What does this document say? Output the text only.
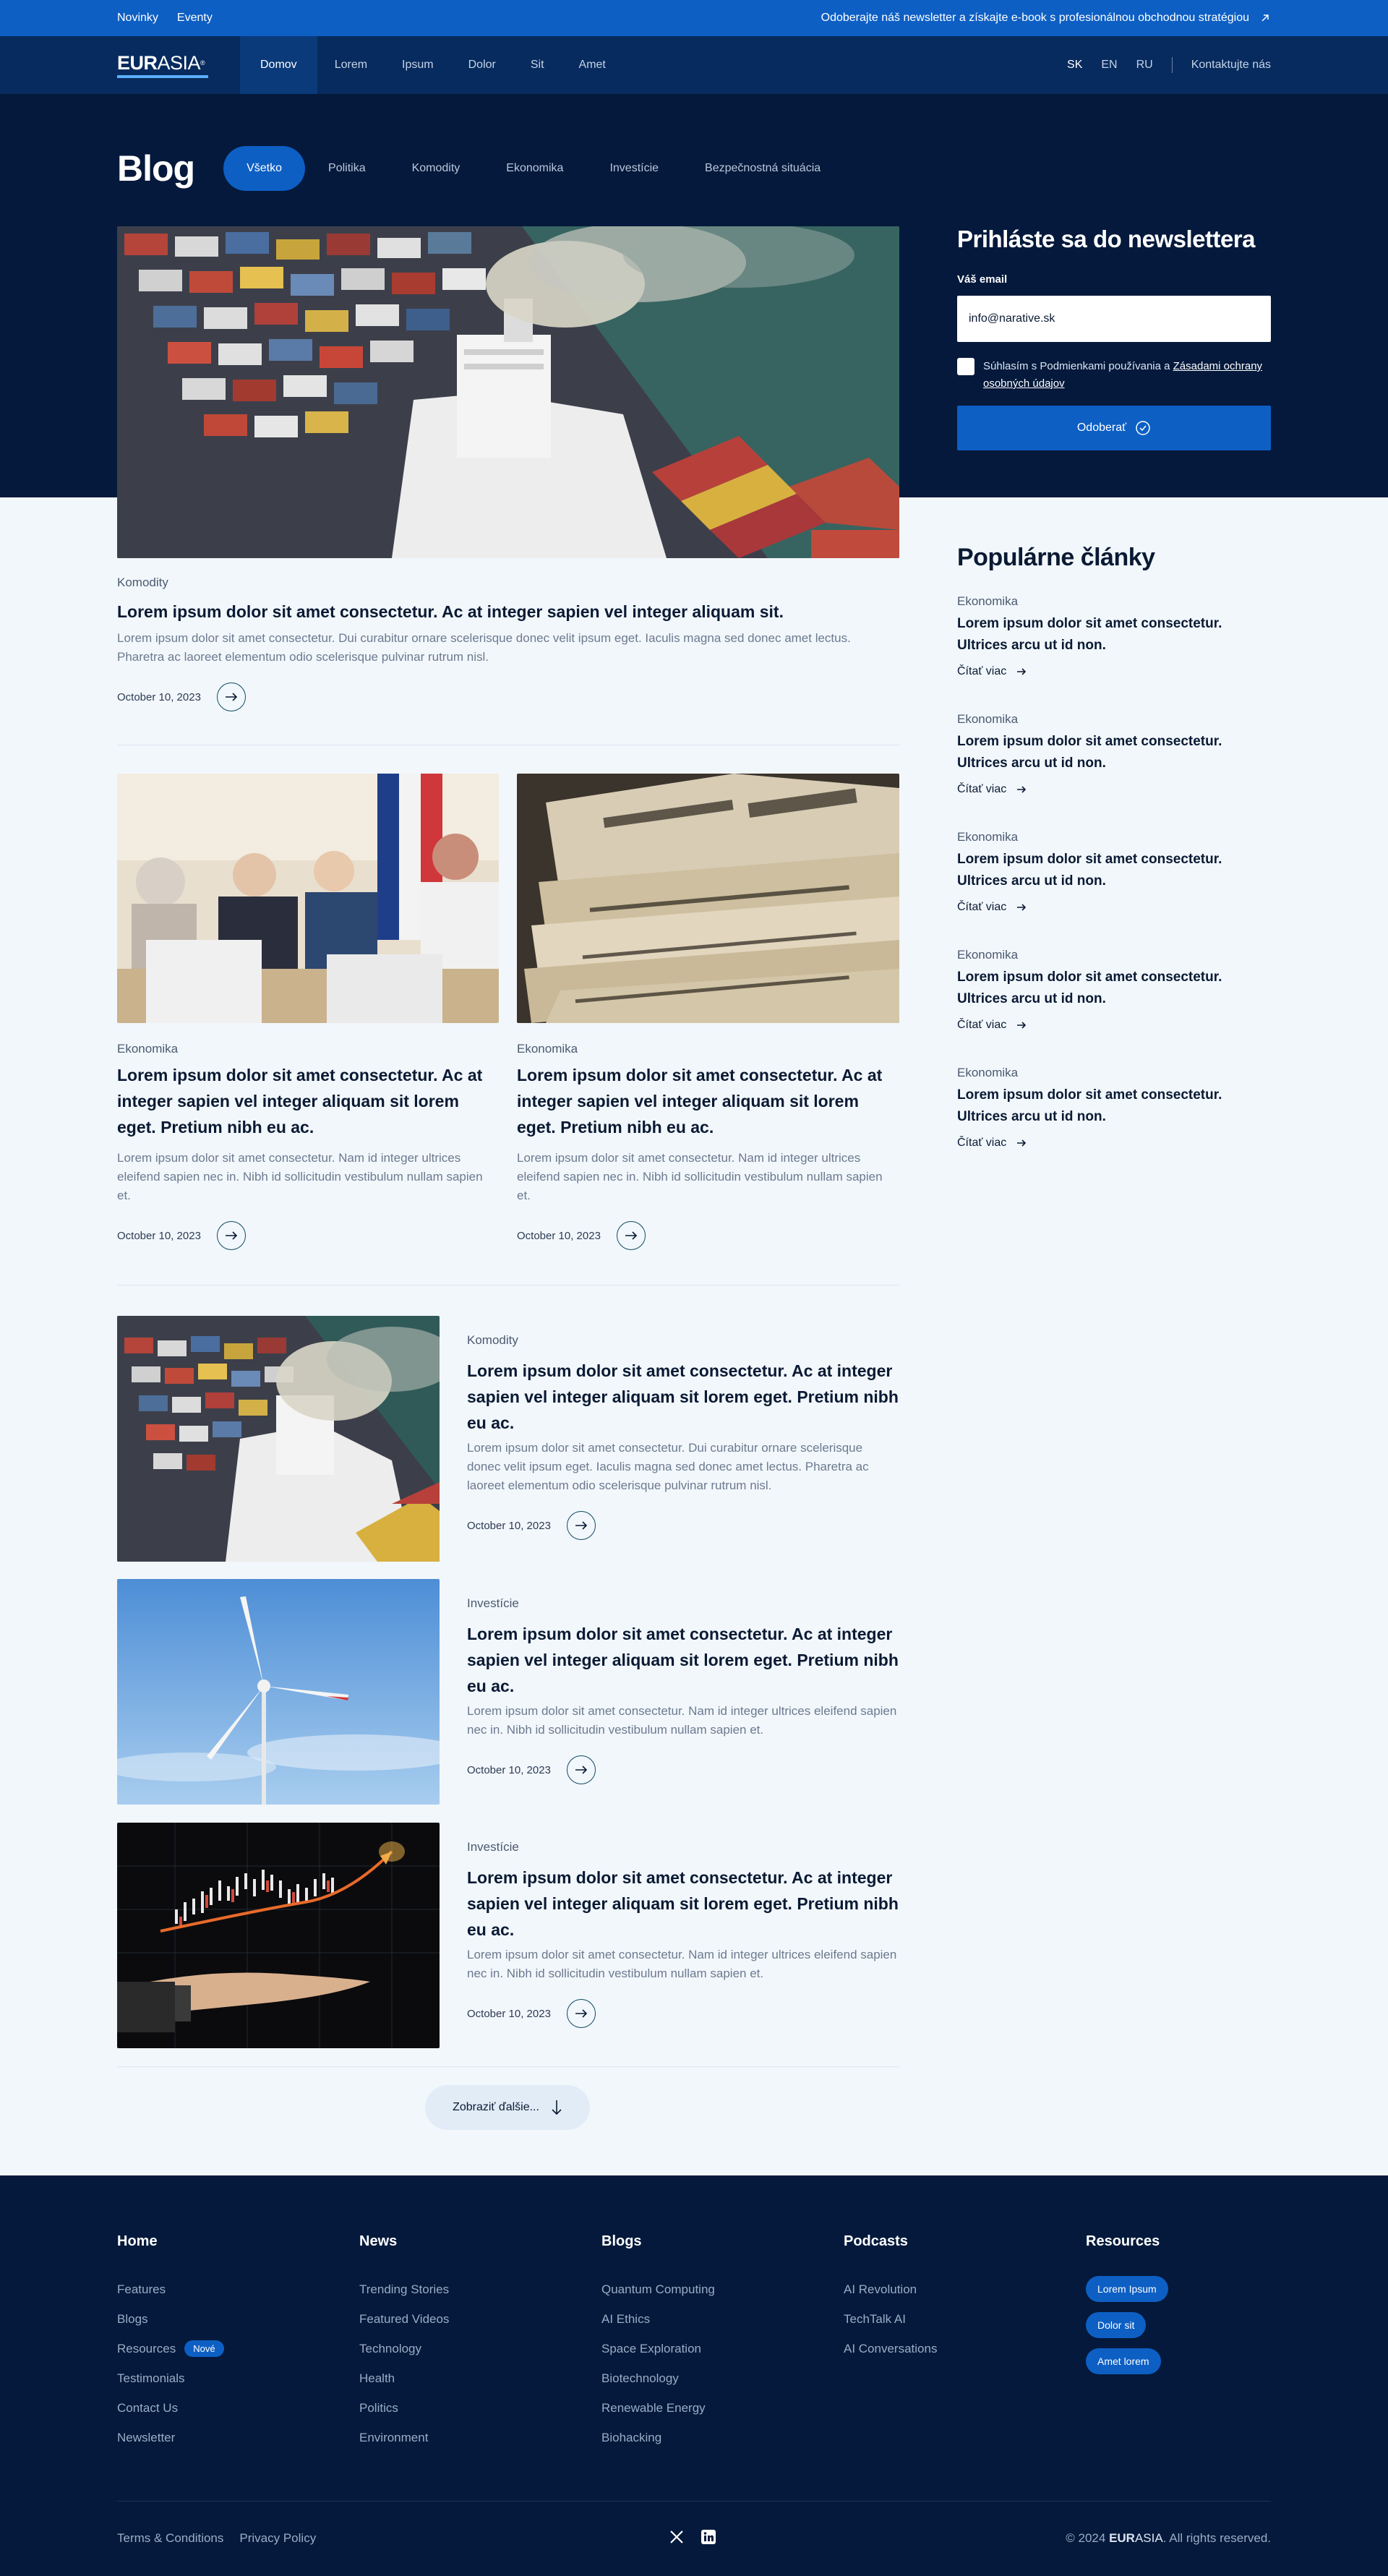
Novinky Eventy	Odoberajte náš newsletter a získajte e-book s profesionálnou obchodnou stratégiou
EURASIA®	Domov	Lorem	Ipsum	Dolor	Sit	Amet	SK EN RU	Kontaktujte nás
Blog	Všetko	Politika	Komodity	Ekonomika	Investície	Bezpečnostná situácia
Komodity
Lorem ipsum dolor sit amet consectetur. Ac at integer sapien vel integer aliquam sit.

Lorem ipsum dolor sit amet consectetur. Dui curabitur ornare scelerisque donec velit ipsum eget. Iaculis magna sed donec amet lectus. Pharetra ac laoreet elementum odio scelerisque pulvinar rutrum nisl.

October 10, 2023
Ekonomika
Lorem ipsum dolor sit amet consectetur. Ac at integer sapien vel integer aliquam sit lorem eget. Pretium nibh eu ac.

Lorem ipsum dolor sit amet consectetur. Nam id integer ultrices eleifend sapien nec in. Nibh id sollicitudin vestibulum nullam sapien et.

October 10, 2023
Ekonomika
Lorem ipsum dolor sit amet consectetur. Ac at integer sapien vel integer aliquam sit lorem eget. Pretium nibh eu ac.

Lorem ipsum dolor sit amet consectetur. Nam id integer ultrices eleifend sapien nec in. Nibh id sollicitudin vestibulum nullam sapien et.

October 10, 2023
Komodity
Lorem ipsum dolor sit amet consectetur. Ac at integer sapien vel integer aliquam sit lorem eget. Pretium nibh eu ac.

Lorem ipsum dolor sit amet consectetur. Dui curabitur ornare scelerisque donec velit ipsum eget. Iaculis magna sed donec amet lectus. Pharetra ac laoreet elementum odio scelerisque pulvinar rutrum nisl.

October 10, 2023
Investície
Lorem ipsum dolor sit amet consectetur. Ac at integer sapien vel integer aliquam sit lorem eget. Pretium nibh eu ac.

Lorem ipsum dolor sit amet consectetur. Nam id integer ultrices eleifend sapien nec in. Nibh id sollicitudin vestibulum nullam sapien et.

October 10, 2023
Investície
Lorem ipsum dolor sit amet consectetur. Ac at integer sapien vel integer aliquam sit lorem eget. Pretium nibh eu ac.

Lorem ipsum dolor sit amet consectetur. Nam id integer ultrices eleifend sapien nec in. Nibh id sollicitudin vestibulum nullam sapien et.

October 10, 2023
Zobraziť ďalšie...
Prihláste sa do newslettera
Váš email
info@narative.sk
Súhlasím s Podmienkami používania a Zásadami ochrany osobných údajov
Odoberať
Populárne články
Ekonomika
Lorem ipsum dolor sit amet consectetur. Ultrices arcu ut id non.
Čítať viac
Ekonomika
Lorem ipsum dolor sit amet consectetur. Ultrices arcu ut id non.
Čítať viac
Ekonomika
Lorem ipsum dolor sit amet consectetur. Ultrices arcu ut id non.
Čítať viac
Ekonomika
Lorem ipsum dolor sit amet consectetur. Ultrices arcu ut id non.
Čítať viac
Ekonomika
Lorem ipsum dolor sit amet consectetur. Ultrices arcu ut id non.
Čítať viac
Home
Features
Blogs
Resources	Nové
Testimonials
Contact Us
Newsletter
News
Trending Stories
Featured Videos
Technology
Health
Politics
Environment
Blogs
Quantum Computing
AI Ethics
Space Exploration
Biotechnology
Renewable Energy
Biohacking
Podcasts
AI Revolution
TechTalk AI
AI Conversations
Resources
Lorem Ipsum
Dolor sit
Amet lorem
Terms & Conditions Privacy Policy	© 2024 EURASIA. All rights reserved.
